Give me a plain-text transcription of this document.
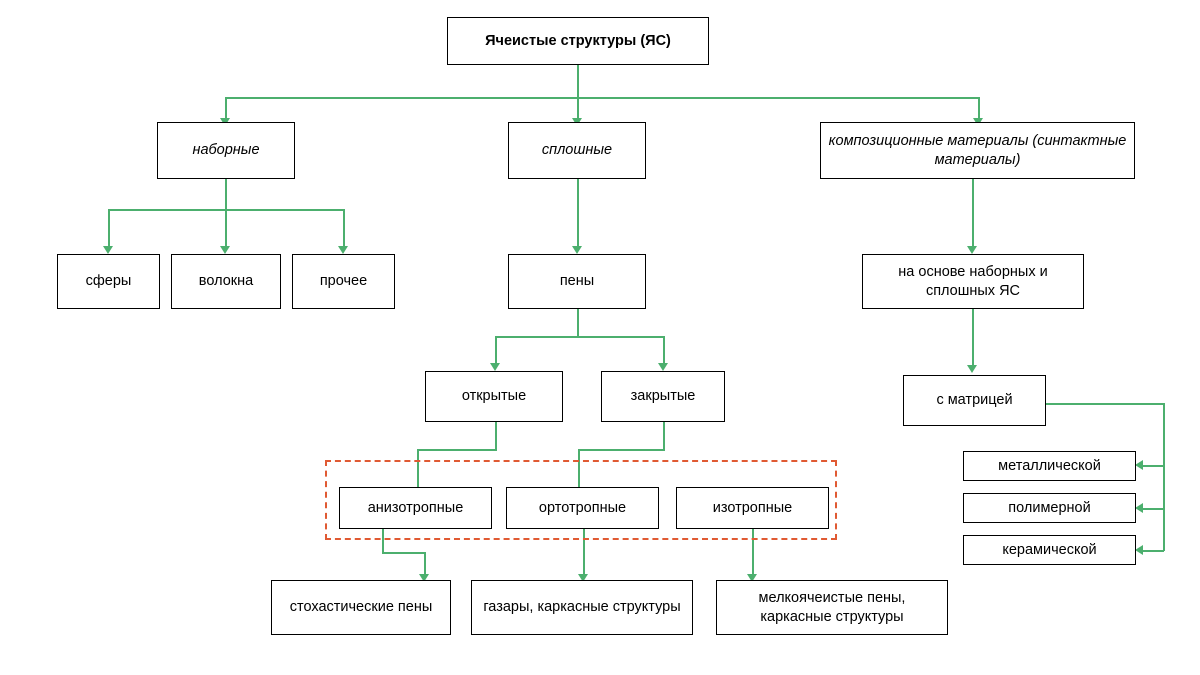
Ячеистые структуры (ЯС)
наборные	сплошные
композиционные материалы (синтактные материалы)
сферы	волокна	прочее	пены
на основе наборных и сплошных ЯС
открытые	закрытые	с матрицей
анизотропные	ортотропные	изотропные
металлической
полимерной
керамической
стохастические пены	газары, каркасные структуры
мелкоячеистые пены, каркасные структуры
